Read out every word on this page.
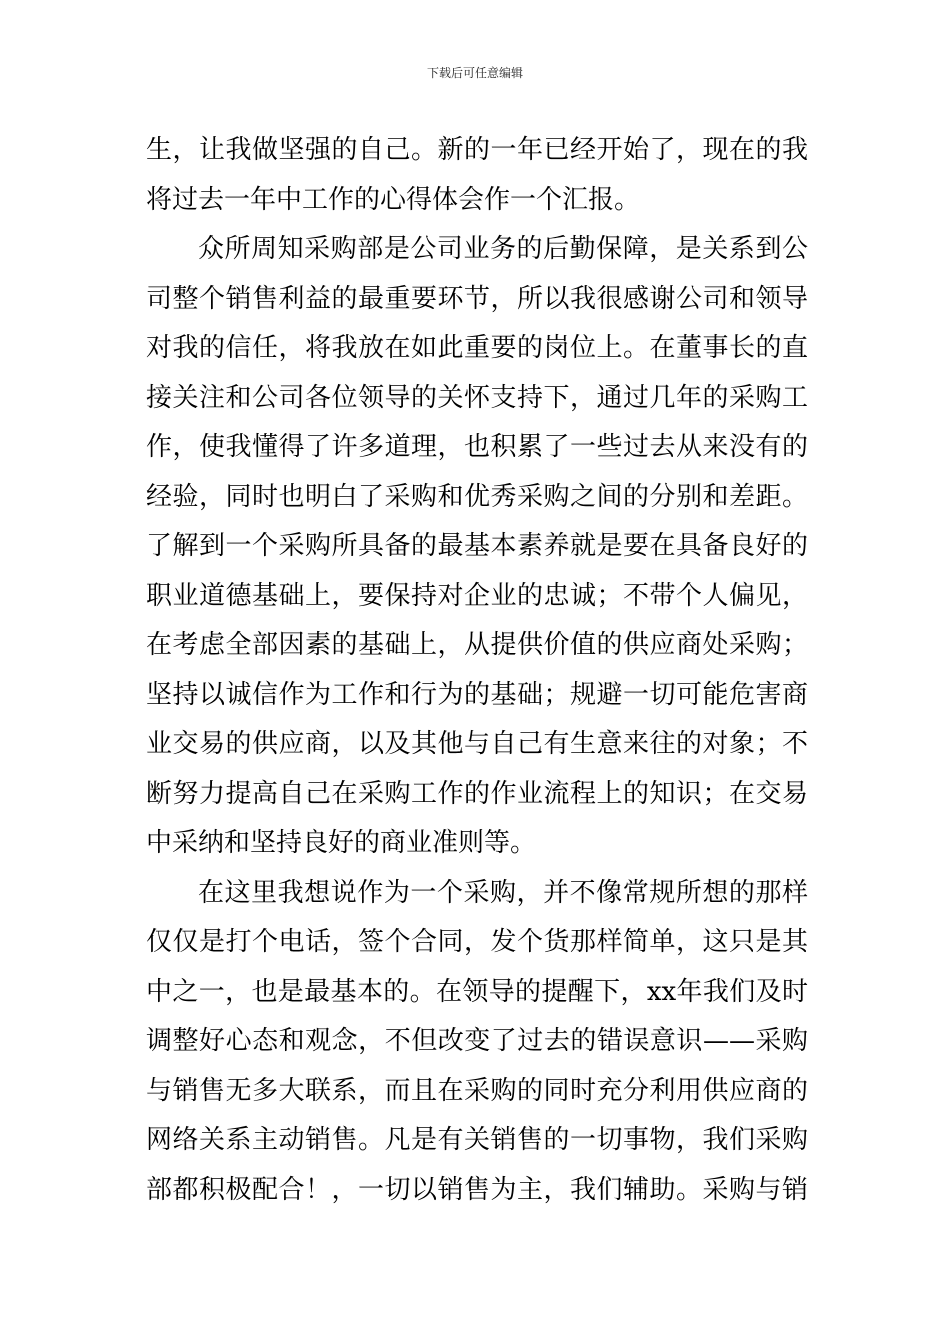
下载后可任意编辑
生，让我做坚强的自己。新的一年已经开始了，现在的我
将过去一年中工作的心得体会作一个汇报。
众所周知采购部是公司业务的后勤保障，是关系到公
司整个销售利益的最重要环节，所以我很感谢公司和领导
对我的信任，将我放在如此重要的岗位上。在董事长的直
接关注和公司各位领导的关怀支持下，通过几年的采购工
作，使我懂得了许多道理，也积累了一些过去从来没有的
经验，同时也明白了采购和优秀采购之间的分别和差距。
了解到一个采购所具备的最基本素养就是要在具备良好的
职业道德基础上，要保持对企业的忠诚；不带个人偏见，
在考虑全部因素的基础上，从提供价值的供应商处采购；
坚持以诚信作为工作和行为的基础；规避一切可能危害商
业交易的供应商，以及其他与自己有生意来往的对象；不
断努力提高自己在采购工作的作业流程上的知识；在交易
中采纳和坚持良好的商业准则等。
在这里我想说作为一个采购，并不像常规所想的那样
仅仅是打个电话，签个合同，发个货那样简单，这只是其
中之一，也是最基本的。在领导的提醒下，xx年我们及时
调整好心态和观念，不但改变了过去的错误意识——采购
与销售无多大联系，而且在采购的同时充分利用供应商的
网络关系主动销售。凡是有关销售的一切事物，我们采购
部都积极配合！，一切以销售为主，我们辅助。采购与销
